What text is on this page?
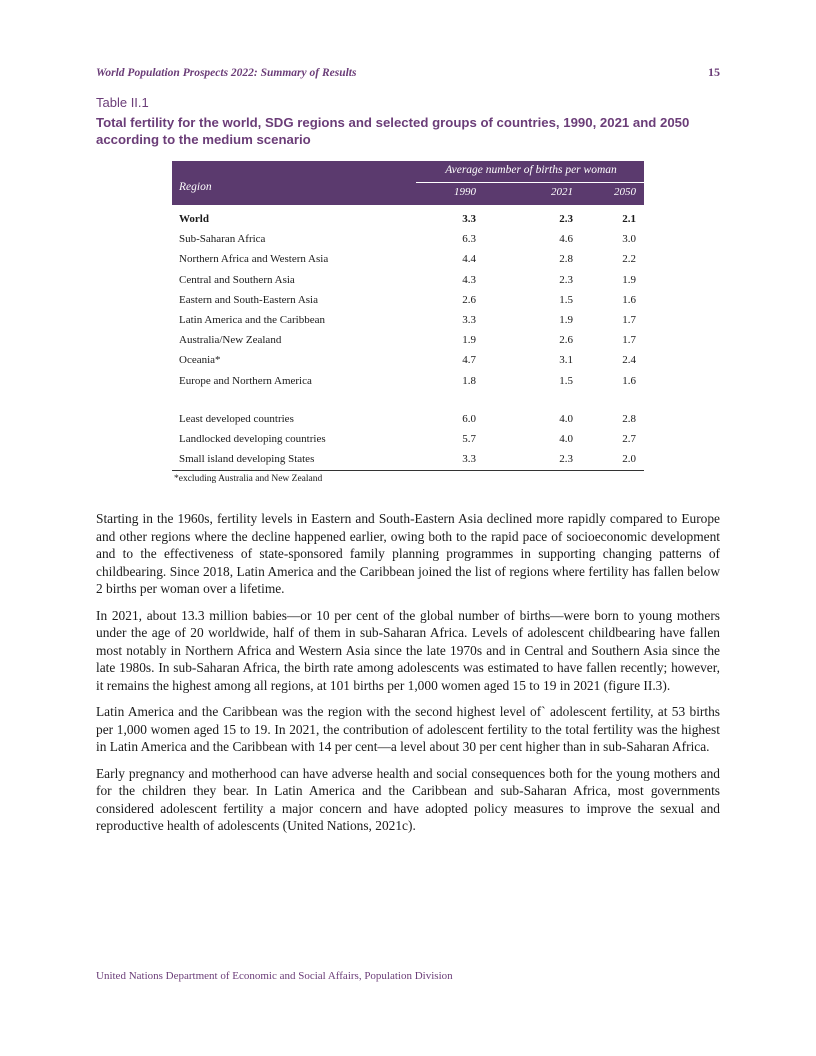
World Population Prospects 2022: Summary of Results	15
Table II.1
Total fertility for the world, SDG regions and selected groups of countries, 1990, 2021 and 2050 according to the medium scenario
Region
Average number of births per woman
1990	2021	2050
World	3.3	2.3	2.1
Sub-Saharan Africa	6.3	4.6	3.0
Northern Africa and Western Asia	4.4	2.8	2.2
Central and Southern Asia	4.3	2.3	1.9
Eastern and South-Eastern Asia	2.6	1.5	1.6
Latin America and the Caribbean	3.3	1.9	1.7
Australia/New Zealand	1.9	2.6	1.7
Oceania*	4.7	3.1	2.4
Europe and Northern America	1.8	1.5	1.6
Least developed countries	6.0	4.0	2.8
Landlocked developing countries	5.7	4.0	2.7
Small island developing States	3.3	2.3	2.0
*excluding Australia and New Zealand

Starting in the 1960s, fertility levels in Eastern and South-Eastern Asia declined more rapidly compared to Europe and other regions where the decline happened earlier, owing both to the rapid pace of socioeconomic development and to the effectiveness of state-sponsored family planning programmes in supporting changing patterns of childbearing. Since 2018, Latin America and the Caribbean joined the list of regions where fertility has fallen below 2 births per woman over a lifetime.

In 2021, about 13.3 million babies—or 10 per cent of the global number of births—were born to young mothers under the age of 20 worldwide, half of them in sub-Saharan Africa. Levels of adolescent childbearing have fallen most notably in Northern Africa and Western Asia since the late 1970s and in Central and Southern Asia since the late 1980s. In sub-Saharan Africa, the birth rate among adolescents was estimated to have fallen recently; however, it remains the highest among all regions, at 101 births per 1,000 women aged 15 to 19 in 2021 (figure II.3).

Latin America and the Caribbean was the region with the second highest level of` adolescent fertility, at 53 births per 1,000 women aged 15 to 19. In 2021, the contribution of adolescent fertility to the total fertility was the highest in Latin America and the Caribbean with 14 per cent—a level about 30 per cent higher than in sub-Saharan Africa.

Early pregnancy and motherhood can have adverse health and social consequences both for the young mothers and for the children they bear. In Latin America and the Caribbean and sub-Saharan Africa, most governments considered adolescent fertility a major concern and have adopted policy measures to improve the sexual and reproductive health of adolescents (United Nations, 2021c).

United Nations Department of Economic and Social Affairs, Population Division
